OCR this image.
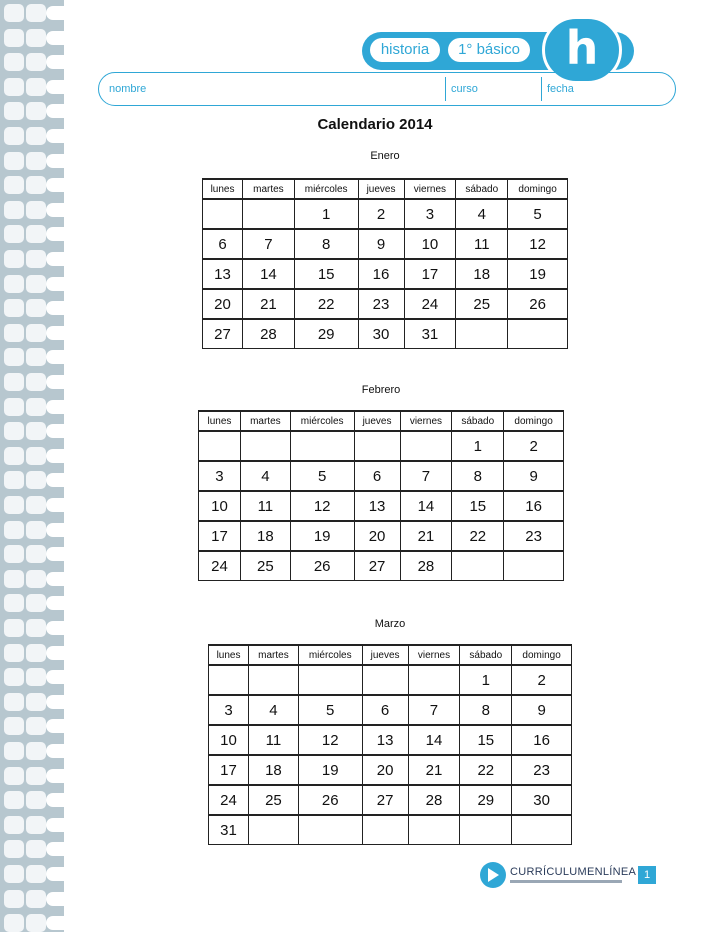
historia	1° básico h
nombre	curso	fecha
Calendario 2014
Enero
lunes	martes	miércoles	jueves	viernes	sábado	domingo
		1	2	3	4	5
6	7	8	9	10	11	12
13	14	15	16	17	18	19
20	21	22	23	24	25	26
27	28	29	30	31		
Febrero
lunes	martes	miércoles	jueves	viernes	sábado	domingo
					1	2
3	4	5	6	7	8	9
10	11	12	13	14	15	16
17	18	19	20	21	22	23
24	25	26	27	28		
Marzo
lunes	martes	miércoles	jueves	viernes	sábado	domingo
					1	2
3	4	5	6	7	8	9
10	11	12	13	14	15	16
17	18	19	20	21	22	23
24	25	26	27	28	29	30
31						
CURRÍCULUMENLÍNEA 1
